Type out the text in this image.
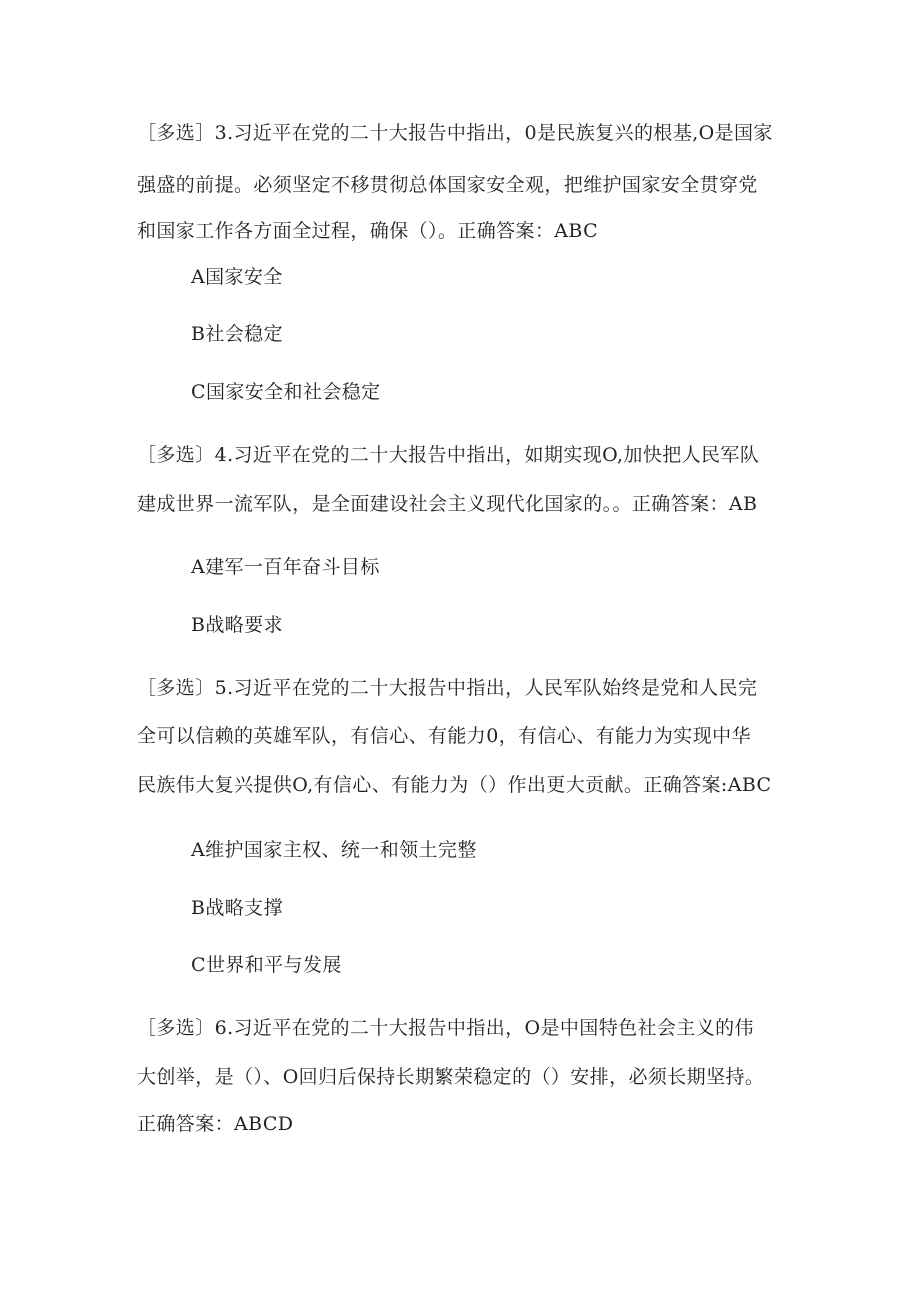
［多选］3.习近平在党的二十大报告中指出，0是民族复兴的根基,O是国家
强盛的前提。必须坚定不移贯彻总体国家安全观，把维护国家安全贯穿党
和国家工作各方面全过程，确保（）。正确答案：ABC
A国家安全
B社会稳定
C国家安全和社会稳定
［多选〕4.习近平在党的二十大报告中指出，如期实现O,加快把人民军队
建成世界一流军队，是全面建设社会主义现代化国家的。。正确答案：AB
A建军一百年奋斗目标
B战略要求
［多选〕5.习近平在党的二十大报告中指出，人民军队始终是党和人民完
全可以信赖的英雄军队，有信心、有能力0，有信心、有能力为实现中华
民族伟大复兴提供O,有信心、有能力为（）作出更大贡献。正确答案:ABC
A维护国家主权、统一和领土完整
B战略支撑
C世界和平与发展
［多选〕6.习近平在党的二十大报告中指出，O是中国特色社会主义的伟
大创举，是（）、O回归后保持长期繁荣稳定的（）安排，必须长期坚持。
正确答案：ABCD
